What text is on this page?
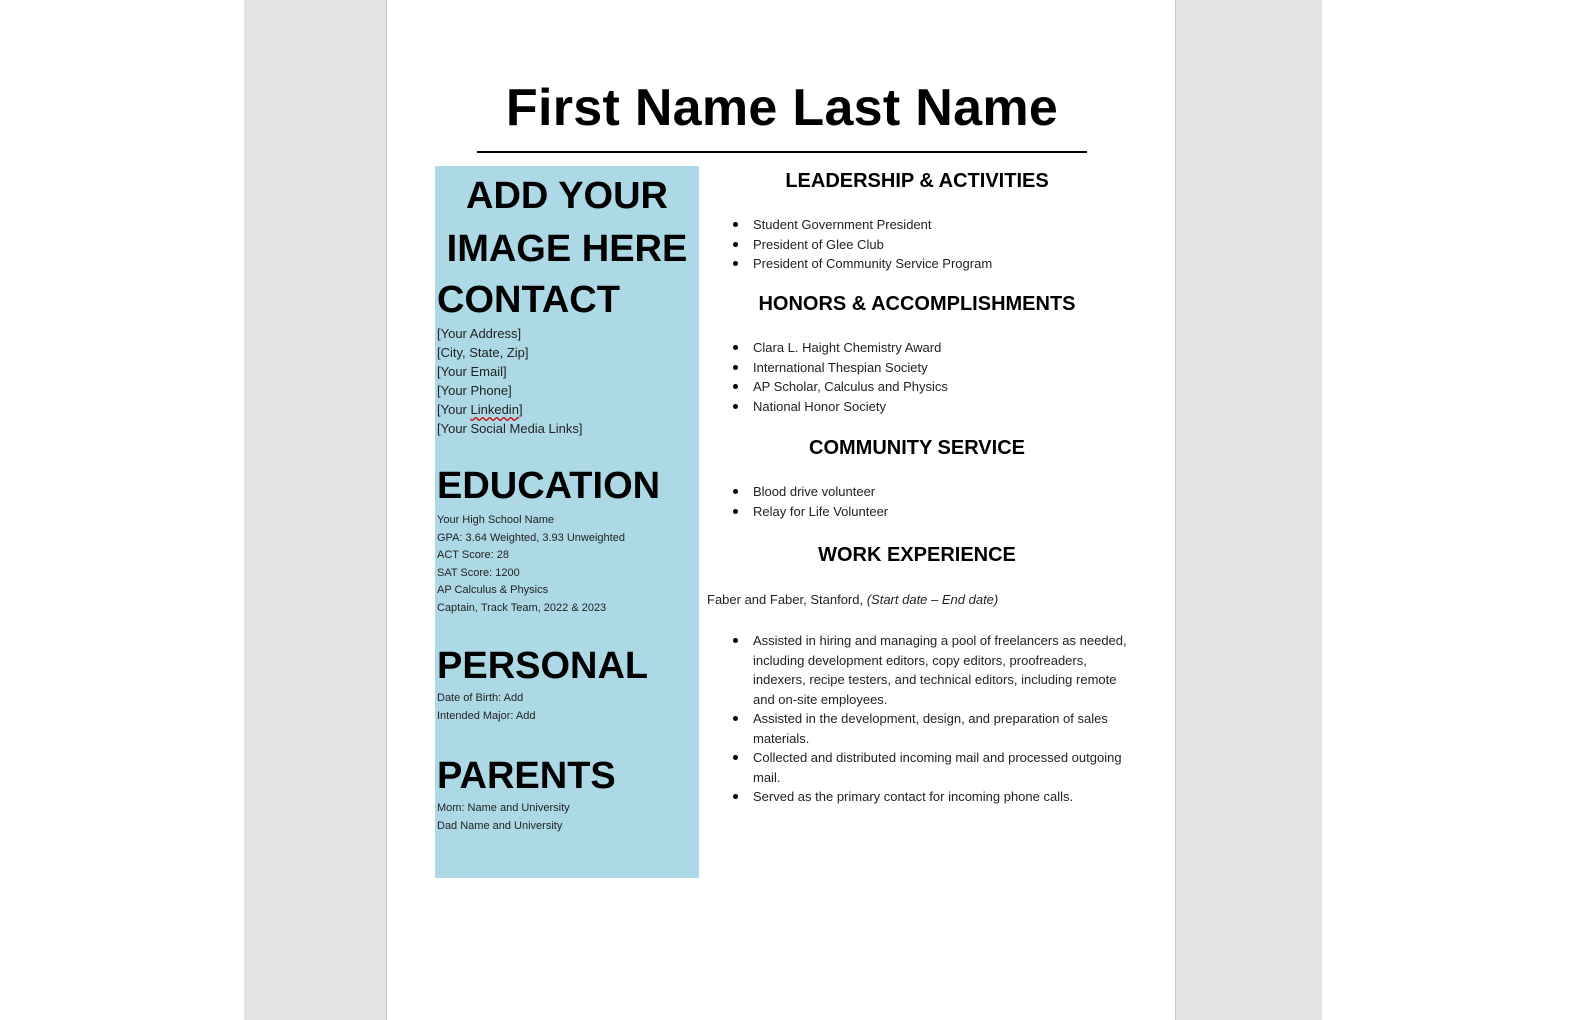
First Name Last Name
ADD YOUR
IMAGE HERE
CONTACT
[Your Address]
[City, State, Zip]
[Your Email]
[Your Phone]
[Your Linkedin]
[Your Social Media Links]
EDUCATION
Your High School Name
GPA: 3.64 Weighted, 3.93 Unweighted
ACT Score: 28
SAT Score: 1200
AP Calculus & Physics
Captain, Track Team, 2022 & 2023
PERSONAL
Date of Birth: Add
Intended Major: Add
PARENTS
Mom: Name and University
Dad Name and University
LEADERSHIP & ACTIVITIES
Student Government President
President of Glee Club
President of Community Service Program
HONORS & ACCOMPLISHMENTS
Clara L. Haight Chemistry Award
International Thespian Society
AP Scholar, Calculus and Physics
National Honor Society
COMMUNITY SERVICE
Blood drive volunteer
Relay for Life Volunteer
WORK EXPERIENCE

Faber and Faber, Stanford, (Start date – End date)

Assisted in hiring and managing a pool of freelancers as needed, including development editors, copy editors, proofreaders, indexers, recipe testers, and technical editors, including remote and on-site employees.
Assisted in the development, design, and preparation of sales materials.
Collected and distributed incoming mail and processed outgoing mail.
Served as the primary contact for incoming phone calls.
